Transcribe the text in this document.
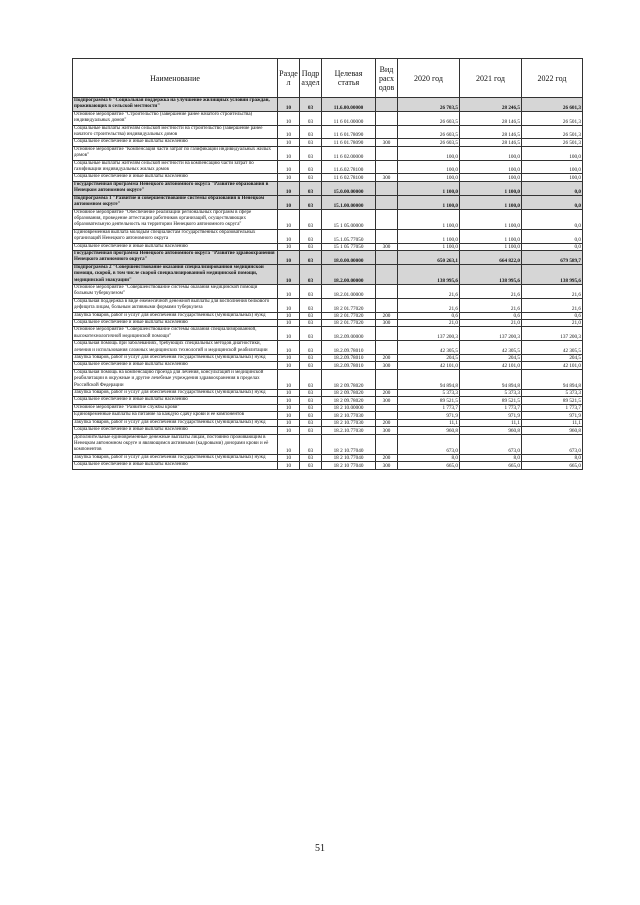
Наименование	Разде л	Подр аздел	Целевая статья	Вид расх одов	2020 год	2021 год	2022 год
Подпрограмма 6 "Социальная поддержка на улучшение жилищных условий граждан, проживающих в сельской местности"	10	03	11.6.00.00000		26 703,5	28 246,5	26 601,3
Основное мероприятие "Строительство (завершение ранее начатого строительства) индивидуальных домов"	10	03	11 6 01.00000		26 603,5	28 146,5	26 501,3
Социальные выплаты жителям сельской местности на строительство (завершение ранее начатого строительства) индивидуальных домов	10	03	11 6 01.78090		26 603,5	28 146,5	26 501,3
Социальное обеспечение и иные выплаты населению	10	03	11 6 01.78090	300	26 603,5	28 146,5	26 501,3
Основное мероприятие "Компенсация части затрат по газификации индивидуальных жилых домов"	10	03	11 6 02.00000		100,0	100,0	100,0
Социальные выплаты жителям сельской местности на компенсацию части затрат по газификации индивидуальных жилых домов	10	03	11.6.02.78100		100,0	100,0	100,0
Социальное обеспечение и иные выплаты населению	10	03	11 6 02.78100	300	100,0	100,0	100,0
Государственная программа Ненецкого автономного округа "Развитие образования в Ненецком автономном округе"	10	03	15.0.00.00000		1 100,0	1 100,0	0,0
Подпрограмма 1 "Развитие и совершенствование системы образования в Ненецком автономном округе"	10	03	15.1.00.00000		1 100,0	1 100,0	0,0
Основное мероприятие "Обеспечение реализации региональных программ в сфере образования, проведение аттестации работников организаций, осуществляющих образовательную деятельность на территории Ненецкого автономного округа"	10	03	15 1 05.00000		1 100,0	1 100,0	0,0
Единовременная выплата молодым специалистам государственных образовательных организаций Ненецкого автономного округа	10	03	15.1.05.77050		1 100,0	1 100,0	0,0
Социальное обеспечение и иные выплаты населению	10	03	15 1 05 77050	300	1 100,0	1 100,0	0,0
Государственная программа Ненецкого автономного округа "Развитие здравоохранения Ненецкого автономного округа"	10	03	18.0.00.00000		650 263,1	664 822,0	679 589,7
Подпрограмма 2 "Совершенствование оказания специализированной медицинской помощи, скорой, в том числе скорой специализированной медицинской помощи, медицинской эвакуации"	10	03	18.2.00.00000		138 995,6	138 995,6	138 995,6
Основное мероприятие "Совершенствование системы оказания медицинской помощи больным туберкулезом"	10	03	18.2.01.00000		21,6	21,6	21,6
Социальная поддержка в виде ежемесячной денежной выплаты для восполнения белкового дефицита лицам, больным активными формами туберкулеза	10	03	18 2 01.77020		21,6	21,6	21,6
Закупка товаров, работ и услуг для обеспечения государственных (муниципальных) нужд	10	03	18 2 01.77020	200	0,6	0,6	0,6
Социальное обеспечение и иные выплаты населению	10	03	18 2 01.77020	300	21,0	21,0	21,0
Основное мероприятие "Совершенствование системы оказания специализированной, высокотехнологичной медицинской помощи"	10	03	18.2.09.00000		137 200,3	137 200,3	137 200,3
Социальная помощь при заболеваниях, требующих специальных методов диагностики, лечения и использования сложных медицинских технологий и медицинской реабилитации	10	03	18.2.09.78010		42 305,5	42 305,5	42 305,5
Закупка товаров, работ и услуг для обеспечения государственных (муниципальных) нужд	10	03	18.2.09.78010	200	204,5	204,5	204,5
Социальное обеспечение и иные выплаты населению	10	03	18.2.09.78010	300	42 101,0	42 101,0	42 101,0
Социальная помощь на компенсацию проезда для лечения, консультаций и медицинской реабилитации в окружные и другие лечебные учреждения здравоохранения в пределах Российской Федерации	10	03	18 2 09.78020		94 894,8	94 894,8	94 894,8
Закупка товаров, работ и услуг для обеспечения государственных (муниципальных) нужд	10	03	18 2 09.78020	200	5 373,3	5 373,3	5 373,3
Социальное обеспечение и иные выплаты населению	10	03	18 2 09.78020	300	89 521,5	89 521,5	89 521,5
Основное мероприятие "Развитие службы крови"	10	03	18 2 10.00000		1 773,7	1 773,7	1 773,7
Единовременные выплаты на питание за каждую сдачу крови и её компонентов	10	03	18 2 10.77030		971,9	971,9	971,9
Закупка товаров, работ и услуг для обеспечения государственных (муниципальных) нужд	10	03	18 2 10.77030	200	11,1	11,1	11,1
Социальное обеспечение и иные выплаты населению	10	03	18.2.10.77030	300	960,8	960,8	960,8
Дополнительные единовременные денежные выплаты лицам, постоянно проживающим в Ненецком автономном округе и являющимся активными (кадровыми) донорами крови и её компонентов	10	03	18 2 10.77040		673,0	673,0	673,0
Закупка товаров, работ и услуг для обеспечения государственных (муниципальных) нужд	10	03	18 2 10.77040	200	8,0	8,0	8,0
Социальное обеспечение и иные выплаты населению	10	03	18 2 10 77040	300	665,0	665,0	665,0
51
